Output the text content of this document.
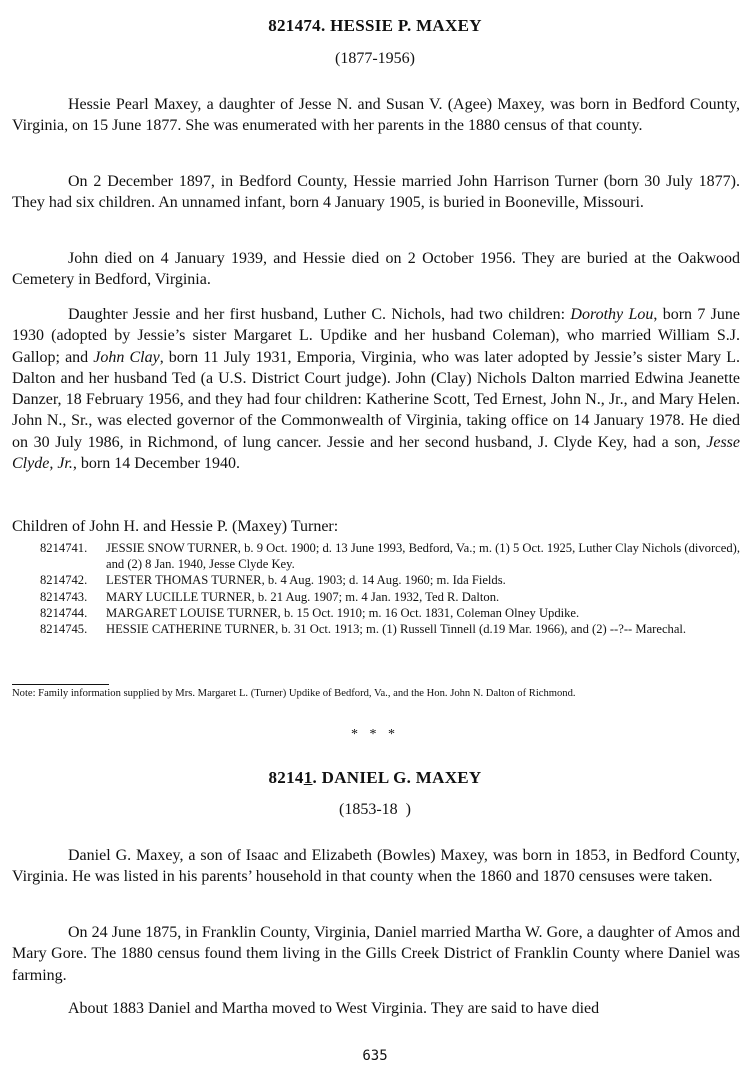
821474. HESSIE P. MAXEY
(1877-1956)

Hessie Pearl Maxey, a daughter of Jesse N. and Susan V. (Agee) Maxey, was born in Bedford County, Virginia, on 15 June 1877. She was enumerated with her parents in the 1880 census of that county.

On 2 December 1897, in Bedford County, Hessie married John Harrison Turner (born 30 July 1877). They had six children. An unnamed infant, born 4 January 1905, is buried in Booneville, Missouri.

John died on 4 January 1939, and Hessie died on 2 October 1956. They are buried at the Oakwood Cemetery in Bedford, Virginia.

Daughter Jessie and her first husband, Luther C. Nichols, had two children: Dorothy Lou, born 7 June 1930 (adopted by Jessie’s sister Margaret L. Updike and her husband Coleman), who married William S.J. Gallop; and John Clay, born 11 July 1931, Emporia, Virginia, who was later adopted by Jessie’s sister Mary L. Dalton and her husband Ted (a U.S. District Court judge). John (Clay) Nichols Dalton married Edwina Jeanette Danzer, 18 February 1956, and they had four children: Katherine Scott, Ted Ernest, John N., Jr., and Mary Helen. John N., Sr., was elected governor of the Commonwealth of Virginia, taking office on 14 January 1978. He died on 30 July 1986, in Richmond, of lung cancer. Jessie and her second husband, J. Clyde Key, had a son, Jesse Clyde, Jr., born 14 December 1940.

Children of John H. and Hessie P. (Maxey) Turner:

8214741.	JESSIE SNOW TURNER, b. 9 Oct. 1900; d. 13 June 1993, Bedford, Va.; m. (1) 5 Oct. 1925, Luther Clay Nichols (divorced), and (2) 8 Jan. 1940, Jesse Clyde Key.
8214742.	LESTER THOMAS TURNER, b. 4 Aug. 1903; d. 14 Aug. 1960; m. Ida Fields.
8214743.	MARY LUCILLE TURNER, b. 21 Aug. 1907; m. 4 Jan. 1932, Ted R. Dalton.
8214744.	MARGARET LOUISE TURNER, b. 15 Oct. 1910; m. 16 Oct. 1831, Coleman Olney Updike.
8214745.	HESSIE CATHERINE TURNER, b. 31 Oct. 1913; m. (1) Russell Tinnell (d.19 Mar. 1966), and (2) --?-- Marechal.
Note: Family information supplied by Mrs. Margaret L. (Turner) Updike of Bedford, Va., and the Hon. John N. Dalton of Richmond.
* * *
82141. DANIEL G. MAXEY
(1853-18  )

Daniel G. Maxey, a son of Isaac and Elizabeth (Bowles) Maxey, was born in 1853, in Bedford County, Virginia. He was listed in his parents’ household in that county when the 1860 and 1870 censuses were taken.

On 24 June 1875, in Franklin County, Virginia, Daniel married Martha W. Gore, a daughter of Amos and Mary Gore. The 1880 census found them living in the Gills Creek District of Franklin County where Daniel was farming.

About 1883 Daniel and Martha moved to West Virginia. They are said to have died

635
